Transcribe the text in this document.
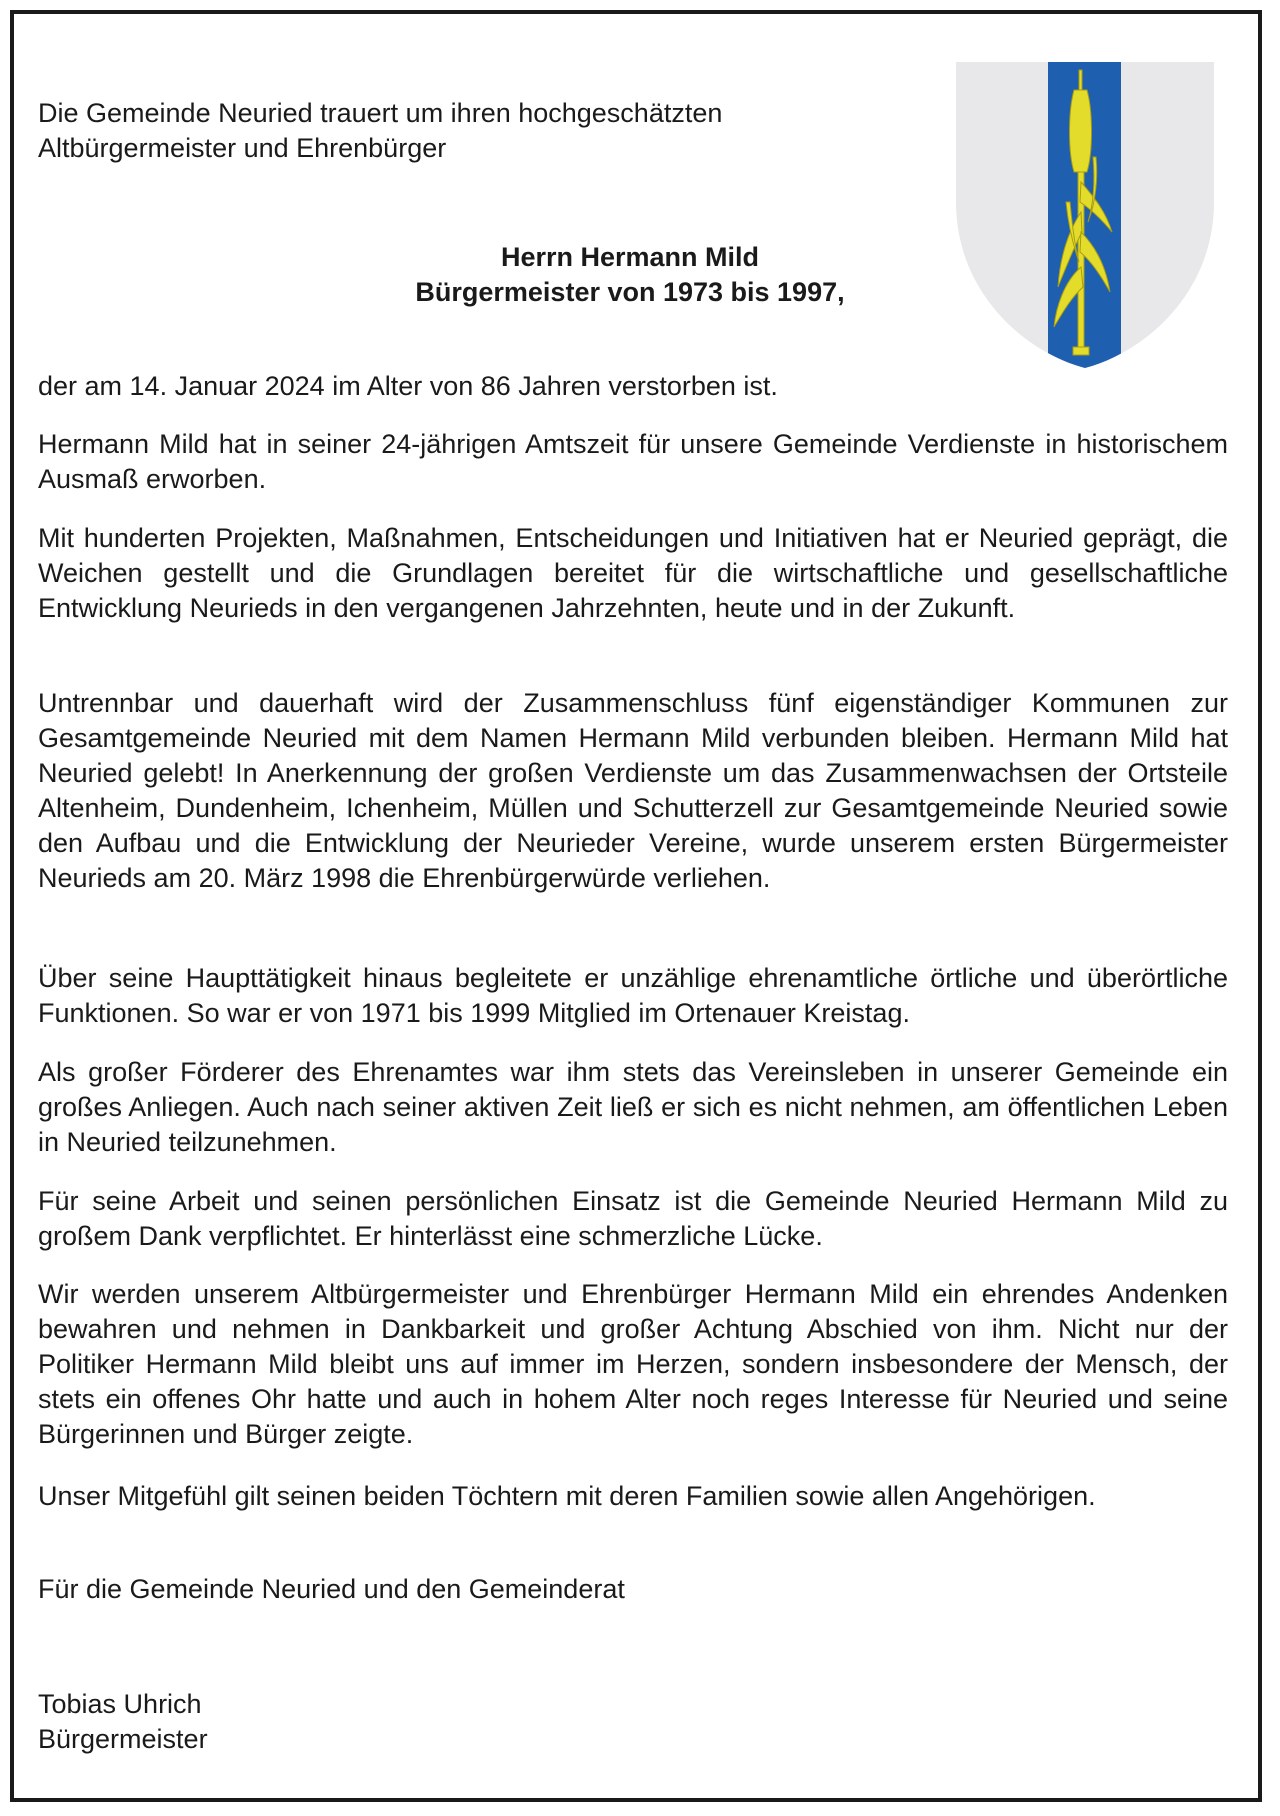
Die Gemeinde Neuried trauert um ihren hochgeschätzten
Altbürgermeister und Ehrenbürger
Herrn Hermann Mild
Bürgermeister von 1973 bis 1997,

der am 14. Januar 2024 im Alter von 86 Jahren verstorben ist.

Hermann Mild hat in seiner 24-jährigen Amtszeit für unsere Gemeinde Verdienste in historischem Ausmaß erworben.

Mit hunderten Projekten, Maßnahmen, Entscheidungen und Initiativen hat er Neuried geprägt, die Weichen gestellt und die Grundlagen bereitet für die wirtschaftliche und gesellschaftliche Entwicklung Neurieds in den vergangenen Jahrzehnten, heute und in der Zukunft.

Untrennbar und dauerhaft wird der Zusammenschluss fünf eigenständiger Kommunen zur Gesamtgemeinde Neuried mit dem Namen Hermann Mild verbunden bleiben. Hermann Mild hat Neuried gelebt! In Anerkennung der großen Verdienste um das Zusammenwachsen der Ortsteile Altenheim, Dundenheim, Ichenheim, Müllen und Schutterzell zur Gesamtgemeinde Neuried sowie den Aufbau und die Entwicklung der Neurieder Vereine, wurde unserem ersten Bürgermeister Neurieds am 20. März 1998 die Ehrenbürgerwürde verliehen.

Über seine Haupttätigkeit hinaus begleitete er unzählige ehrenamtliche örtliche und überörtliche Funktionen. So war er von 1971 bis 1999 Mitglied im Ortenauer Kreistag.

Als großer Förderer des Ehrenamtes war ihm stets das Vereinsleben in unserer Gemeinde ein großes Anliegen. Auch nach seiner aktiven Zeit ließ er sich es nicht nehmen, am öffentlichen Leben in Neuried teilzunehmen.

Für seine Arbeit und seinen persönlichen Einsatz ist die Gemeinde Neuried Hermann Mild zu großem Dank verpflichtet. Er hinterlässt eine schmerzliche Lücke.

Wir werden unserem Altbürgermeister und Ehrenbürger Hermann Mild ein ehrendes Andenken bewahren und nehmen in Dankbarkeit und großer Achtung Abschied von ihm. Nicht nur der Politiker Hermann Mild bleibt uns auf immer im Herzen, sondern insbesondere der Mensch, der stets ein offenes Ohr hatte und auch in hohem Alter noch reges Interesse für Neuried und seine Bürgerinnen und Bürger zeigte.

Unser Mitgefühl gilt seinen beiden Töchtern mit deren Familien sowie allen Angehörigen.

Für die Gemeinde Neuried und den Gemeinderat

Tobias Uhrich
Bürgermeister
